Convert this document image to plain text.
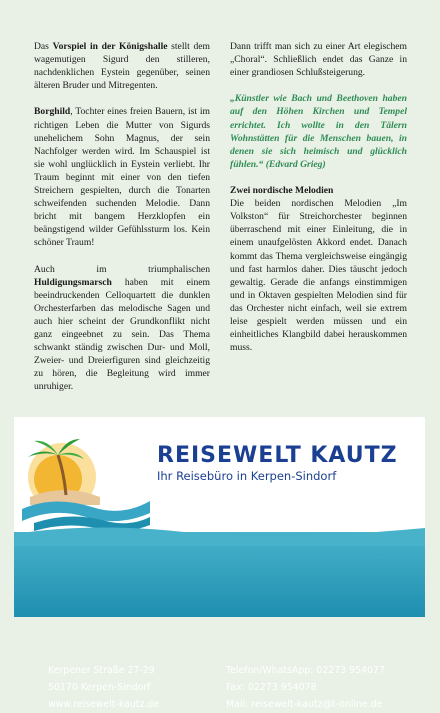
Das Vorspiel in der Königshalle stellt dem wagemutigen Sigurd den stilleren, nachdenklichen Eystein gegenüber, seinen älteren Bruder und Mitregenten.

Borghild, Tochter eines freien Bauern, ist im richtigen Leben die Mutter von Sigurds unehelichem Sohn Magnus, der sein Nachfolger werden wird. Im Schauspiel ist sie wohl unglücklich in Eystein verliebt. Ihr Traum beginnt mit einer von den tiefen Streichern gespielten, durch die Tonarten schweifenden suchenden Melodie. Dann bricht mit bangem Herzklopfen ein beängstigend wilder Gefühlssturm los. Kein schöner Traum!

Auch im triumphalischen Huldigungsmarsch haben mit einem beeindruckenden Celloquartett die dunklen Orchesterfarben das melodische Sagen und auch hier scheint der Grundkonflikt nicht ganz eingeebnet zu sein. Das Thema schwankt ständig zwischen Dur- und Moll, Zweier- und Dreierfiguren sind gleichzeitig zu hören, die Begleitung wird immer unruhiger.

Dann trifft man sich zu einer Art elegischem „Choral“. Schließlich endet das Ganze in einer grandiosen Schlußsteigerung.

„Künstler wie Bach und Beethoven haben auf den Höhen Kirchen und Tempel errichtet. Ich wollte in den Tälern Wohnstätten für die Menschen bauen, in denen sie sich heimisch und glücklich fühlen.“ (Edvard Grieg)

Zwei nordische Melodien

Die beiden nordischen Melodien „Im Volkston“ für Streichorchester beginnen überraschend mit einer Einleitung, die in einem unaufgelösten Akkord endet. Danach kommt das Thema vergleichsweise eingängig und fast harmlos daher. Dies täuscht jedoch gewaltig. Gerade die anfangs einstimmigen und in Oktaven gespielten Melodien sind für das Orchester nicht einfach, weil sie extrem leise gespielt werden müssen und ein einheitliches Klangbild dabei herauskommen muss.

REISEWELT KAUTZ
Ihr Reisebüro in Kerpen-Sindorf
Kerpener Straße 27-29
50170 Kerpen-Sindorf
www.reisewelt-kautz.de
Telefon/WhatsApp: 02273 954077
Fax: 02273 954078
Mail: reisewelt-kautz@t-online.de
